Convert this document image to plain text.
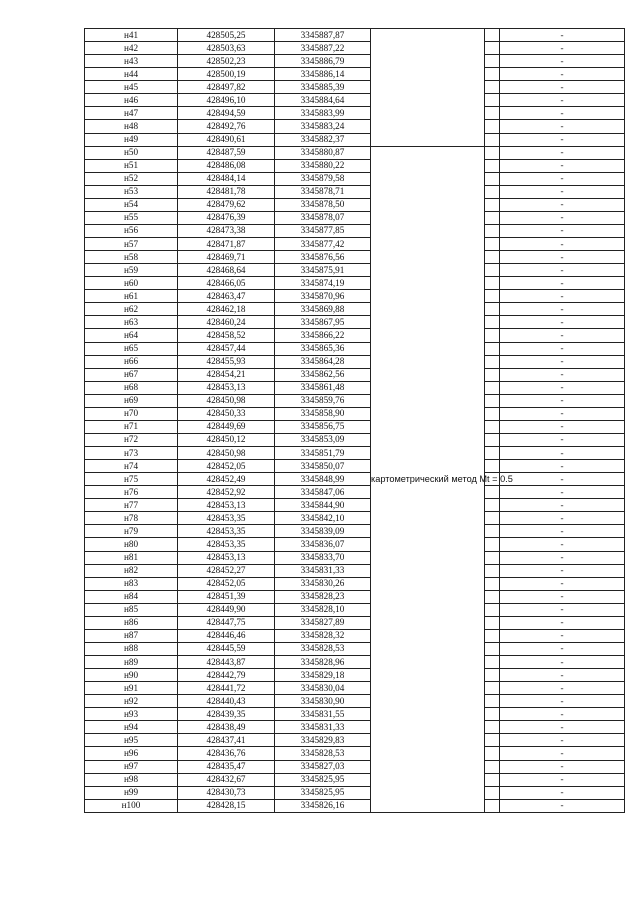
н41	428505,25	3345887,87			-
н42	428503,63	3345887,22			-
н43	428502,23	3345886,79			-
н44	428500,19	3345886,14			-
н45	428497,82	3345885,39			-
н46	428496,10	3345884,64			-
н47	428494,59	3345883,99			-
н48	428492,76	3345883,24			-
н49	428490,61	3345882,37			-
н50	428487,59	3345880,87	картометрический метод Mt = 0.5		-
н51	428486,08	3345880,22			-
н52	428484,14	3345879,58			-
н53	428481,78	3345878,71			-
н54	428479,62	3345878,50			-
н55	428476,39	3345878,07			-
н56	428473,38	3345877,85			-
н57	428471,87	3345877,42			-
н58	428469,71	3345876,56			-
н59	428468,64	3345875,91			-
н60	428466,05	3345874,19			-
н61	428463,47	3345870,96			-
н62	428462,18	3345869,88			-
н63	428460,24	3345867,95			-
н64	428458,52	3345866,22			-
н65	428457,44	3345865,36			-
н66	428455,93	3345864,28			-
н67	428454,21	3345862,56			-
н68	428453,13	3345861,48			-
н69	428450,98	3345859,76			-
н70	428450,33	3345858,90			-
н71	428449,69	3345856,75			-
н72	428450,12	3345853,09			-
н73	428450,98	3345851,79			-
н74	428452,05	3345850,07			-
н75	428452,49	3345848,99			-
н76	428452,92	3345847,06			-
н77	428453,13	3345844,90			-
н78	428453,35	3345842,10			-
н79	428453,35	3345839,09			-
н80	428453,35	3345836,07			-
н81	428453,13	3345833,70			-
н82	428452,27	3345831,33			-
н83	428452,05	3345830,26			-
н84	428451,39	3345828,23			-
н85	428449,90	3345828,10			-
н86	428447,75	3345827,89			-
н87	428446,46	3345828,32			-
н88	428445,59	3345828,53			-
н89	428443,87	3345828,96			-
н90	428442,79	3345829,18			-
н91	428441,72	3345830,04			-
н92	428440,43	3345830,90			-
н93	428439,35	3345831,55			-
н94	428438,49	3345831,33			-
н95	428437,41	3345829,83			-
н96	428436,76	3345828,53			-
н97	428435,47	3345827,03			-
н98	428432,67	3345825,95			-
н99	428430,73	3345825,95			-
н100	428428,15	3345826,16			-
